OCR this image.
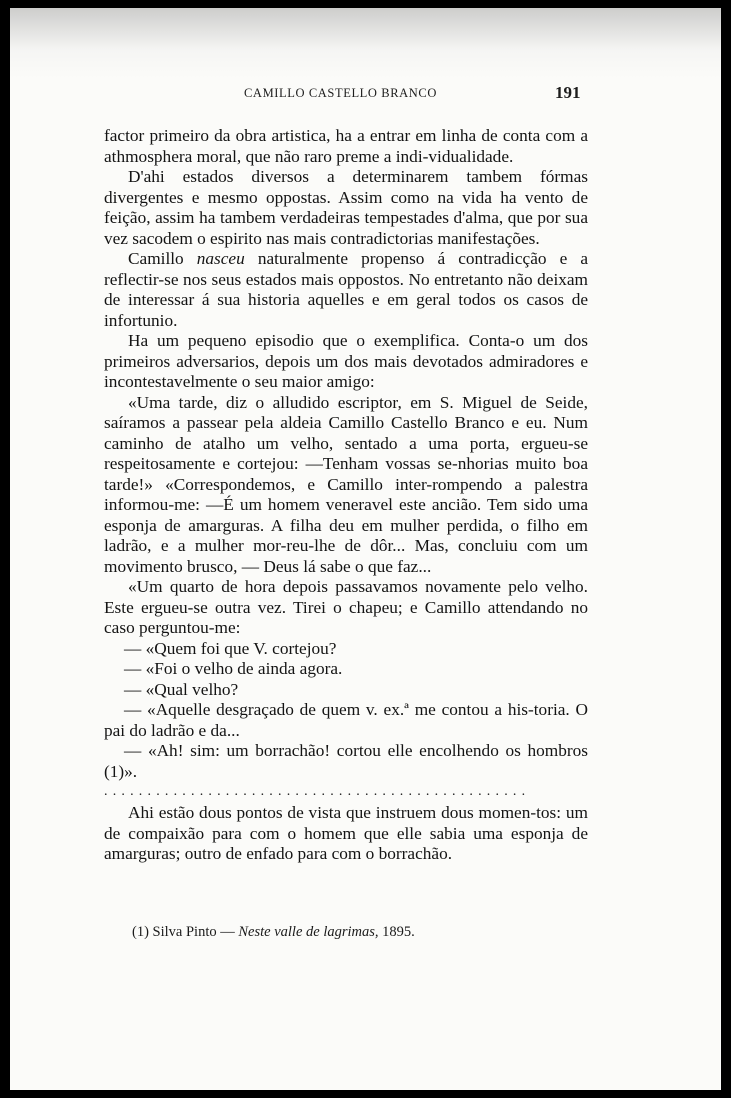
CAMILLO CASTELLO BRANCO	191

factor primeiro da obra artistica, ha a entrar em linha de conta com a athmosphera moral, que não raro preme a indi-vidualidade.

D'ahi estados diversos a determinarem tambem fórmas divergentes e mesmo oppostas. Assim como na vida ha vento de feição, assim ha tambem verdadeiras tempestades d'alma, que por sua vez sacodem o espirito nas mais contradictorias manifestações.

Camillo nasceu naturalmente propenso á contradicção e a reflectir-se nos seus estados mais oppostos. No entretanto não deixam de interessar á sua historia aquelles e em geral todos os casos de infortunio.

Ha um pequeno episodio que o exemplifica. Conta-o um dos primeiros adversarios, depois um dos mais devotados admiradores e incontestavelmente o seu maior amigo:

«Uma tarde, diz o alludido escriptor, em S. Miguel de Seide, saíramos a passear pela aldeia Camillo Castello Branco e eu. Num caminho de atalho um velho, sentado a uma porta, ergueu-se respeitosamente e cortejou: —Tenham vossas se-nhorias muito boa tarde!» «Correspondemos, e Camillo inter-rompendo a palestra informou-me: —É um homem veneravel este ancião. Tem sido uma esponja de amarguras. A filha deu em mulher perdida, o filho em ladrão, e a mulher mor-reu-lhe de dôr... Mas, concluiu com um movimento brusco, — Deus lá sabe o que faz...

«Um quarto de hora depois passavamos novamente pelo velho. Este ergueu-se outra vez. Tirei o chapeu; e Camillo attendando no caso perguntou-me:

— «Quem foi que V. cortejou?

— «Foi o velho de ainda agora.

— «Qual velho?

— «Aquelle desgraçado de quem v. ex.ª me contou a his-toria. O pai do ladrão e da...

— «Ah! sim: um borrachão! cortou elle encolhendo os hombros (1)».

.................................................

Ahi estão dous pontos de vista que instruem dous momen-tos: um de compaixão para com o homem que elle sabia uma esponja de amarguras; outro de enfado para com o borrachão.

(1) Silva Pinto — Neste valle de lagrimas, 1895.
